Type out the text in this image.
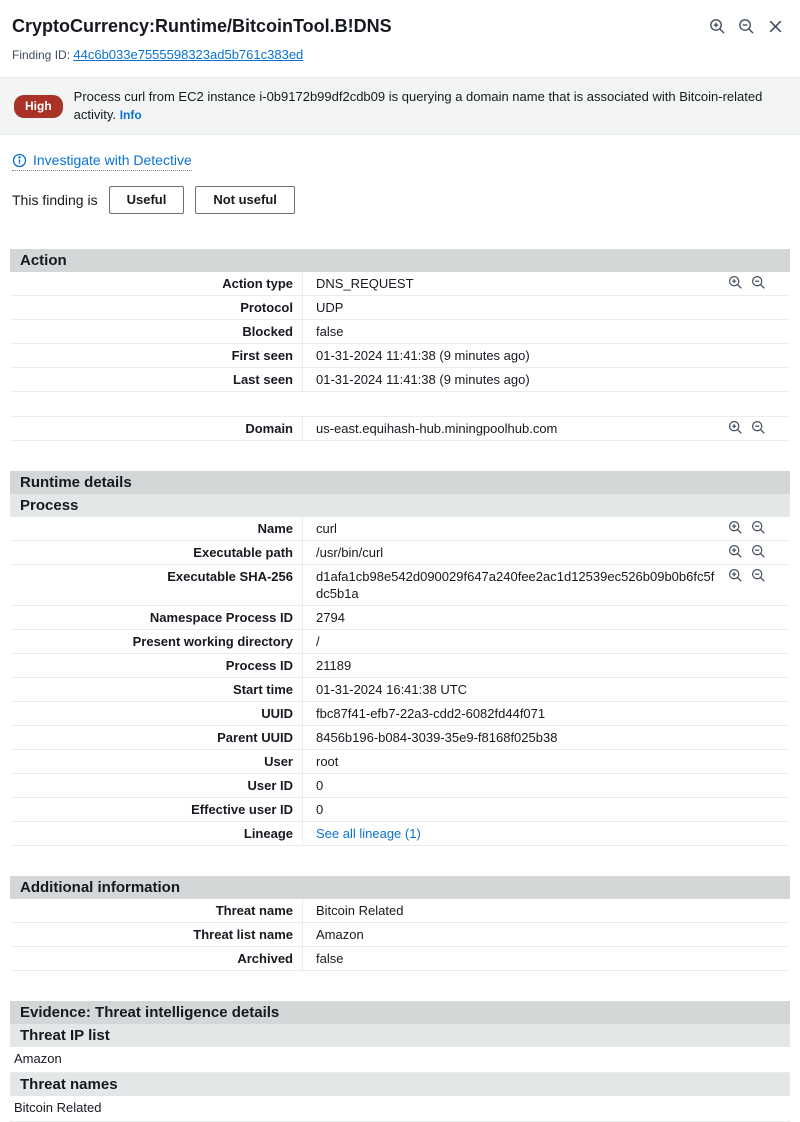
CryptoCurrency:Runtime/BitcoinTool.B!DNS
Finding ID: 44c6b033e7555598323ad5b761c383ed
High
Process curl from EC2 instance i-0b9172b99df2cdb09 is querying a domain name that is associated with Bitcoin-related activity. Info
Investigate with Detective
This finding is	Useful	Not useful
Action
Action type	DNS_REQUEST
Protocol	UDP
Blocked	false
First seen	01-31-2024 11:41:38 (9 minutes ago)
Last seen	01-31-2024 11:41:38 (9 minutes ago)
Domain	us-east.equihash-hub.miningpoolhub.com
Runtime details
Process
Name	curl
Executable path	/usr/bin/curl
Executable SHA-256	d1afa1cb98e542d090029f647a240fee2ac1d12539ec526b09b0b6fc5fdc5b1a
Namespace Process ID	2794
Present working directory	/
Process ID	21189
Start time	01-31-2024 16:41:38 UTC
UUID	fbc87f41-efb7-22a3-cdd2-6082fd44f071
Parent UUID	8456b196-b084-3039-35e9-f8168f025b38
User	root
User ID	0
Effective user ID	0
Lineage	See all lineage (1)
Additional information
Threat name	Bitcoin Related
Threat list name	Amazon
Archived	false
Evidence: Threat intelligence details
Threat IP list
Amazon
Threat names
Bitcoin Related
